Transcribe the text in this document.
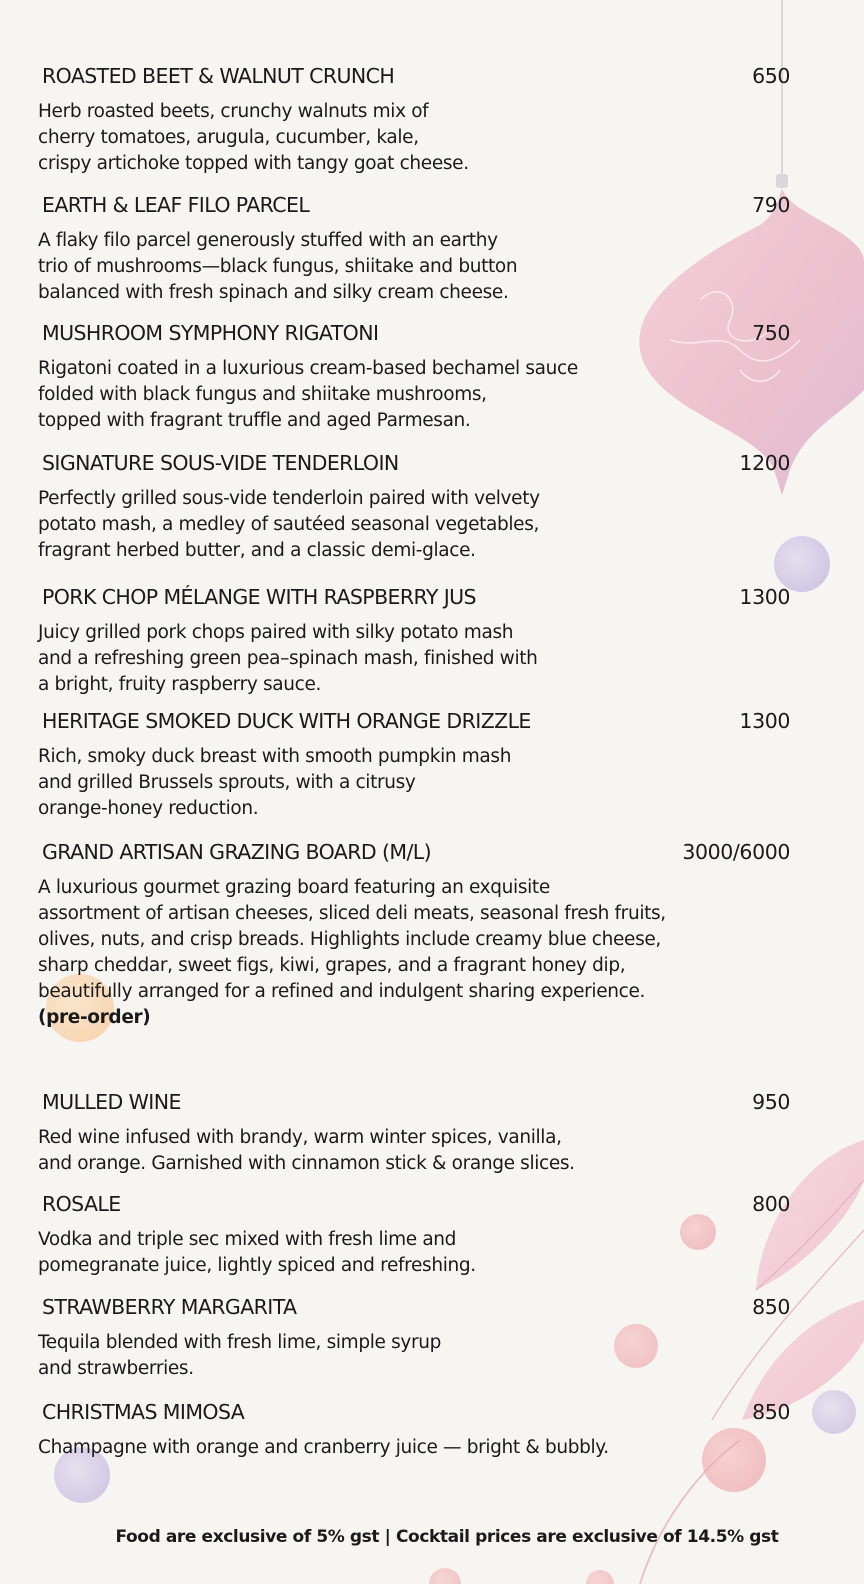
ROASTED BEET & WALNUT CRUNCH	650
Herb roasted beets, crunchy walnuts mix of
cherry tomatoes, arugula, cucumber, kale,
crispy artichoke topped with tangy goat cheese.
EARTH & LEAF FILO PARCEL	790
A flaky filo parcel generously stuffed with an earthy
trio of mushrooms—black fungus, shiitake and button
balanced with fresh spinach and silky cream cheese.
MUSHROOM SYMPHONY RIGATONI	750
Rigatoni coated in a luxurious cream-based bechamel sauce
folded with black fungus and shiitake mushrooms,
topped with fragrant truffle and aged Parmesan.
SIGNATURE SOUS-VIDE TENDERLOIN	1200
Perfectly grilled sous-vide tenderloin paired with velvety
potato mash, a medley of sautéed seasonal vegetables,
fragrant herbed butter, and a classic demi-glace.
PORK CHOP MÉLANGE WITH RASPBERRY JUS	1300
Juicy grilled pork chops paired with silky potato mash
and a refreshing green pea–spinach mash, finished with
a bright, fruity raspberry sauce.
HERITAGE SMOKED DUCK WITH ORANGE DRIZZLE	1300
Rich, smoky duck breast with smooth pumpkin mash
and grilled Brussels sprouts, with a citrusy
orange-honey reduction.
GRAND ARTISAN GRAZING BOARD (M/L)	3000/6000
A luxurious gourmet grazing board featuring an exquisite
assortment of artisan cheeses, sliced deli meats, seasonal fresh fruits,
olives, nuts, and crisp breads. Highlights include creamy blue cheese,
sharp cheddar, sweet figs, kiwi, grapes, and a fragrant honey dip,
beautifully arranged for a refined and indulgent sharing experience.
(pre-order)
MULLED WINE	950
Red wine infused with brandy, warm winter spices, vanilla,
and orange. Garnished with cinnamon stick & orange slices.
ROSALE	800
Vodka and triple sec mixed with fresh lime and
pomegranate juice, lightly spiced and refreshing.
STRAWBERRY MARGARITA	850
Tequila blended with fresh lime, simple syrup
and strawberries.
CHRISTMAS MIMOSA	850
Champagne with orange and cranberry juice — bright & bubbly.
Food are exclusive of 5% gst | Cocktail prices are exclusive of 14.5% gst
